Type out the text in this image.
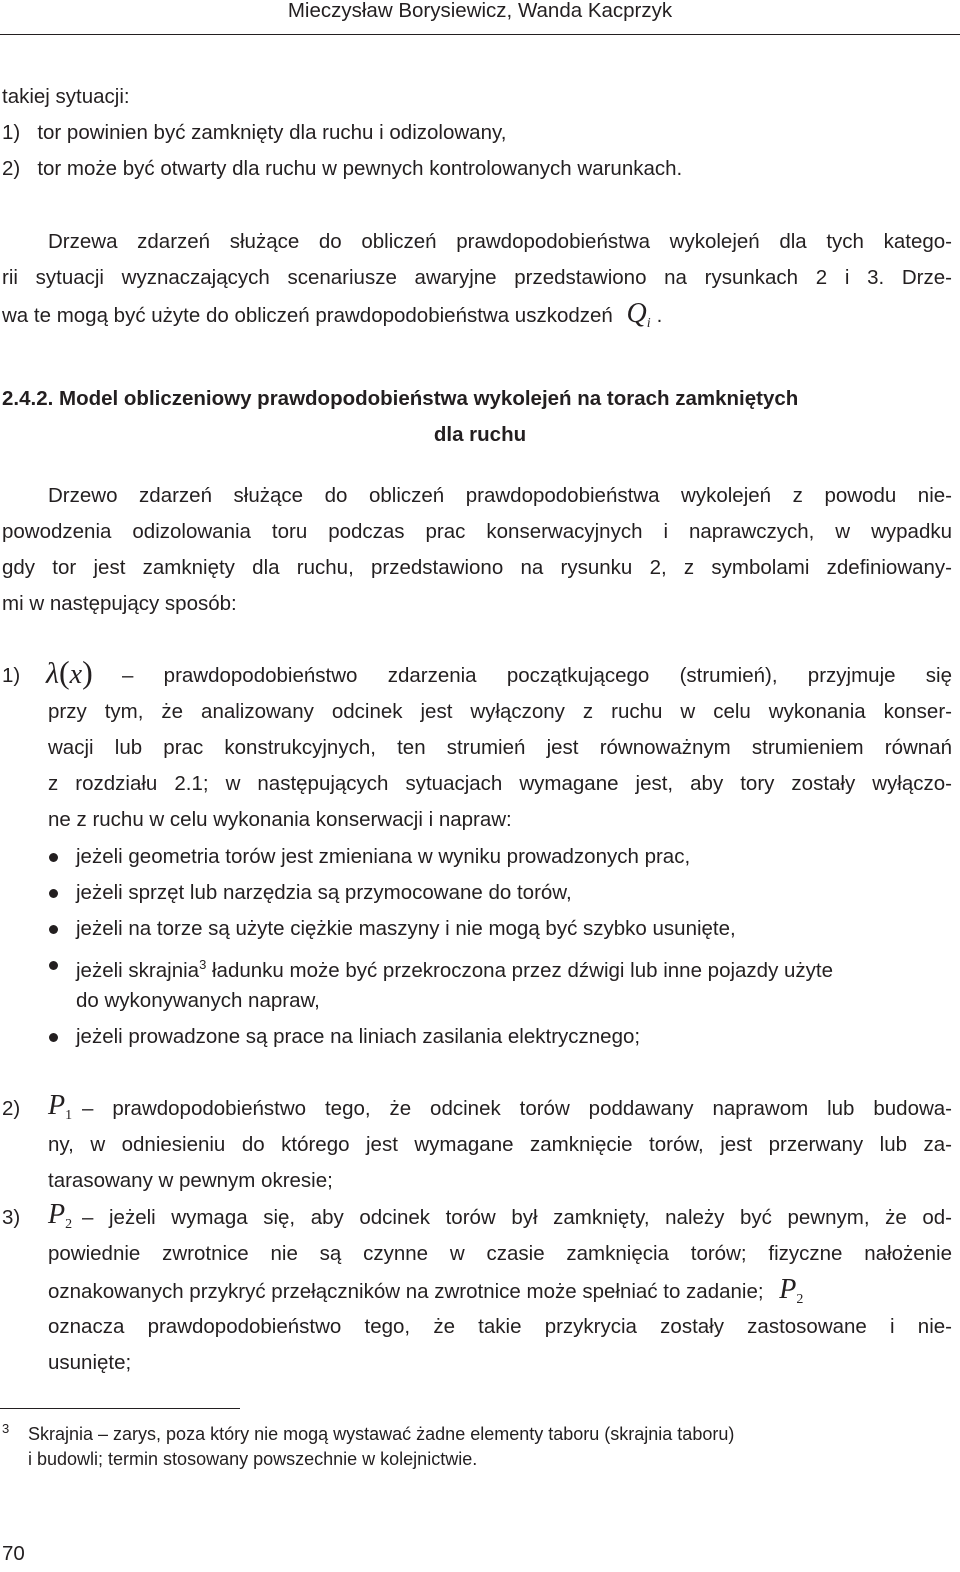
Mieczysław Borysiewicz, Wanda Kacprzyk
takiej sytuacji:
1)   tor powinien być zamknięty dla ruchu i odizolowany,
2)   tor może być otwarty dla ruchu w pewnych kontrolowanych warunkach.
Drzewa zdarzeń służące do obliczeń prawdopodobieństwa wykolejeń dla tych katego-
rii sytuacji wyznaczających scenariusze awaryjne przedstawiono na rysunkach 2 i 3. Drze-
wa te mogą być użyte do obliczeń prawdopodobieństwa uszkodzeń $Q_i$ .
2.4.2. Model obliczeniowy prawdopodobieństwa wykolejeń na torach zamkniętych
dla ruchu
Drzewo zdarzeń służące do obliczeń prawdopodobieństwa wykolejeń z powodu nie-
powodzenia odizolowania toru podczas prac konserwacyjnych i naprawczych, w wypadku
gdy tor jest zamknięty dla ruchu, przedstawiono na rysunku 2, z symbolami zdefiniowany-
mi w następujący sposób:
1) λ(x) – prawdopodobieństwo zdarzenia początkującego (strumień), przyjmuje się
przy tym, że analizowany odcinek jest wyłączony z ruchu w celu wykonania konser-
wacji lub prac konstrukcyjnych, ten strumień jest równoważnym strumieniem równań
z rozdziału 2.1; w następujących sytuacjach wymagane jest, aby tory zostały wyłączo-
ne z ruchu w celu wykonania konserwacji i napraw:
jeżeli geometria torów jest zmieniana w wyniku prowadzonych prac,
jeżeli sprzęt lub narzędzia są przymocowane do torów,
jeżeli na torze są użyte ciężkie maszyny i nie mogą być szybko usunięte,
jeżeli skrajnia$^3$ ładunku może być przekroczona przez dźwigi lub inne pojazdy użyte
do wykonywanych napraw,
jeżeli prowadzone są prace na liniach zasilania elektrycznego;
2) $P_1$ – prawdopodobieństwo tego, że odcinek torów poddawany naprawom lub budowa-
ny, w odniesieniu do którego jest wymagane zamknięcie torów, jest przerwany lub za-
tarasowany w pewnym okresie;
3) $P_2$ – jeżeli wymaga się, aby odcinek torów był zamknięty, należy być pewnym, że od-
powiednie zwrotnice nie są czynne w czasie zamknięcia torów; fizyczne nałożenie
oznakowanych przykryć przełączników na zwrotnice może spełniać to zadanie; $P_2$
oznacza prawdopodobieństwo tego, że takie przykrycia zostały zastosowane i nie-
usunięte;
3 Skrajnia – zarys, poza który nie mogą wystawać żadne elementy taboru (skrajnia taboru)
i budowli; termin stosowany powszechnie w kolejnictwie.
70
